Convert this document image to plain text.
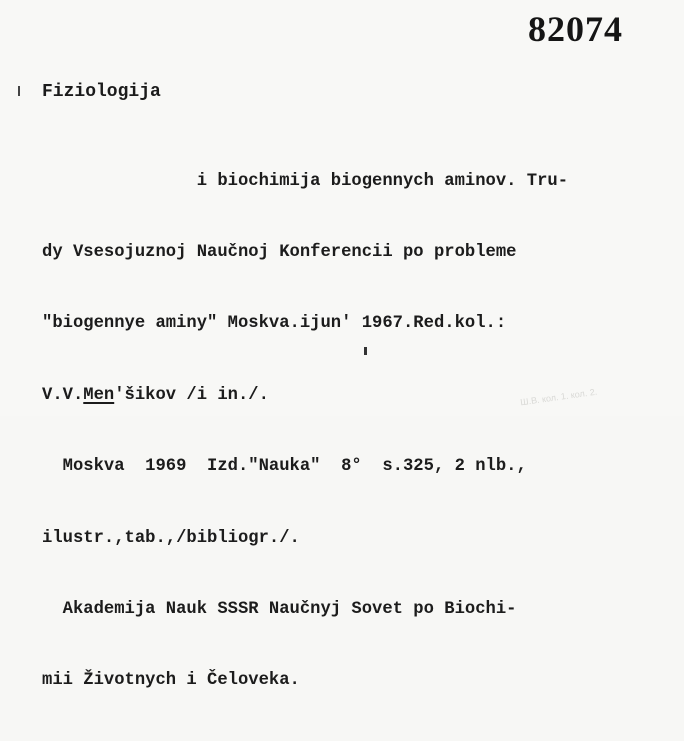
82074
Fiziologija

i biochimija biogennych aminov. Tru-

dy Vsesojuznoj Naučnoj Konferencii po probleme

"biogennye aminy" Moskva.ijun' 1967.Red.kol.:

V.V.Men'šikov /i in./.

Moskva  1969  Izd."Nauka"  8°  s.325, 2 nlb.,

ilustr.,tab.,/bibliogr./.

Akademija Nauk SSSR Naučnyj Sovet po Biochi-

mii Životnych i Čeloveka.

Ш.В. кол. 1. кол. 2.
